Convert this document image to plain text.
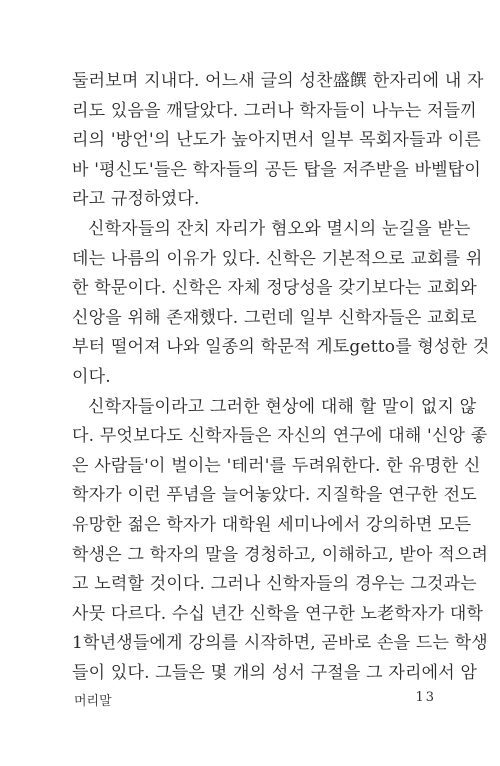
둘러보며 지내다. 어느새 글의 성찬盛饌 한자리에 내 자
리도 있음을 깨달았다. 그러나 학자들이 나누는 저들끼
리의 '방언'의 난도가 높아지면서 일부 목회자들과 이른
바 '평신도'들은 학자들의 공든 탑을 저주받을 바벨탑이
라고 규정하였다.
신학자들의 잔치 자리가 혐오와 멸시의 눈길을 받는
데는 나름의 이유가 있다. 신학은 기본적으로 교회를 위
한 학문이다. 신학은 자체 정당성을 갖기보다는 교회와
신앙을 위해 존재했다. 그런데 일부 신학자들은 교회로
부터 떨어져 나와 일종의 학문적 게토getto를 형성한 것
이다.
신학자들이라고 그러한 현상에 대해 할 말이 없지 않
다. 무엇보다도 신학자들은 자신의 연구에 대해 '신앙 좋
은 사람들'이 벌이는 '테러'를 두려워한다. 한 유명한 신
학자가 이런 푸념을 늘어놓았다. 지질학을 연구한 전도
유망한 젊은 학자가 대학원 세미나에서 강의하면 모든
학생은 그 학자의 말을 경청하고, 이해하고, 받아 적으려
고 노력할 것이다. 그러나 신학자들의 경우는 그것과는
사뭇 다르다. 수십 년간 신학을 연구한 노老학자가 대학
1학년생들에게 강의를 시작하면, 곧바로 손을 드는 학생
들이 있다. 그들은 몇 개의 성서 구절을 그 자리에서 암
머리말	13
